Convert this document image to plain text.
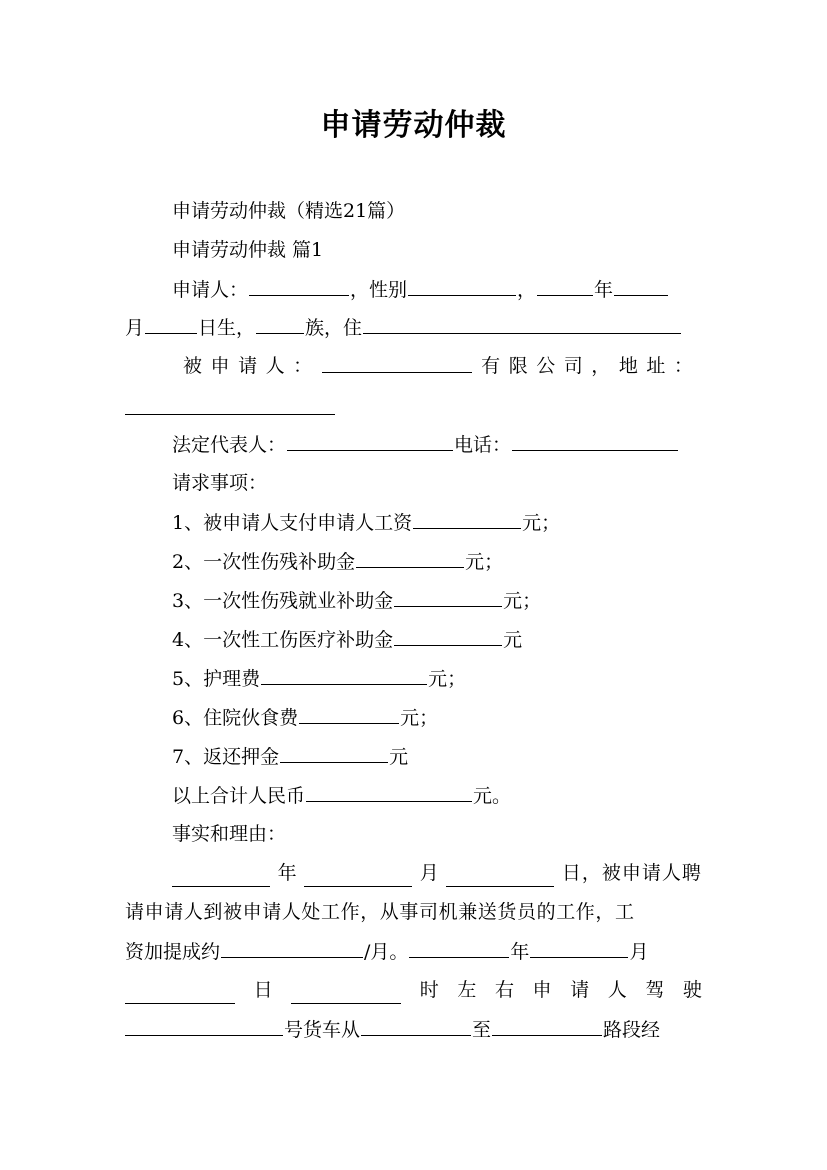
申请劳动仲裁
申请劳动仲裁（精选21篇）
申请劳动仲裁 篇1
申请人：	，性别	，	年
月	日生，	族，住
被 申 请 人 ：	有 限 公 司 ， 地 址 ：
法定代表人：	电话：
请求事项：
1、被申请人支付申请人工资	元；
2、一次性伤残补助金	元；
3、一次性伤残就业补助金	元；
4、一次性工伤医疗补助金	元
5、护理费	元；
6、住院伙食费	元；
7、返还押金	元
以上合计人民币	元。
事实和理由：
年	月	日，被申请人聘
请申请人到被申请人处工作，从事司机兼送货员的工作，工
资加提成约	/月。	年	月
日	时 左 右 申 请 人 驾 驶
号货车从	至	路段经
